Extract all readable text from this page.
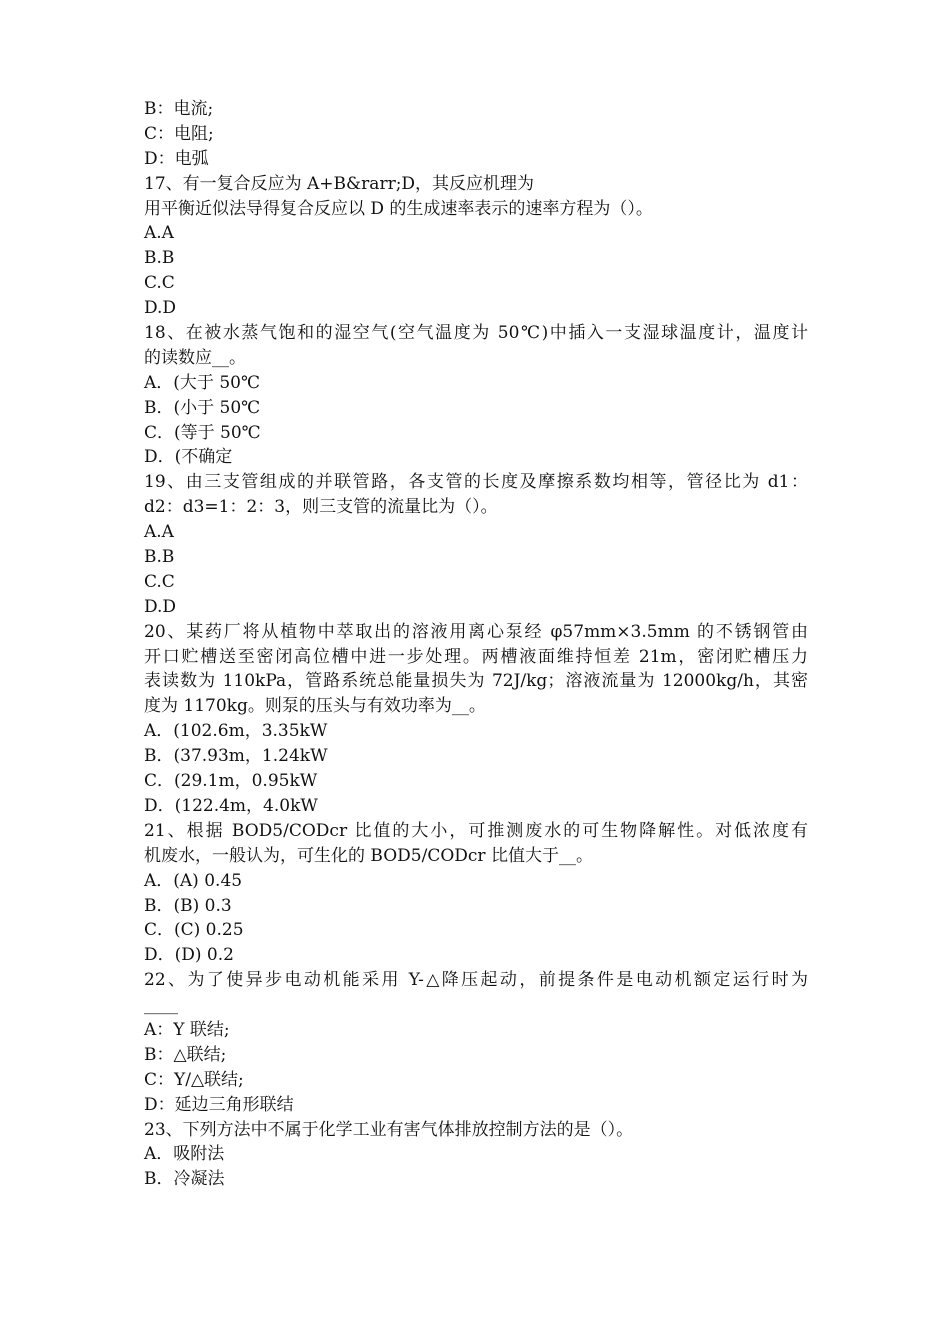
B：电流;
C：电阻;
D：电弧
17、有一复合反应为 A+B&rarr;D，其反应机理为
用平衡近似法导得复合反应以 D 的生成速率表示的速率方程为（）。
A.A
B.B
C.C
D.D
18、在被水蒸气饱和的湿空气(空气温度为 50℃)中插入一支湿球温度计，温度计
的读数应__。
A．(大于 50℃
B．(小于 50℃
C．(等于 50℃
D．(不确定
19、由三支管组成的并联管路，各支管的长度及摩擦系数均相等，管径比为 d1：
d2：d3=1：2：3，则三支管的流量比为（）。
A.A
B.B
C.C
D.D
20、某药厂将从植物中萃取出的溶液用离心泵经 φ57mm×3.5mm 的不锈钢管由
开口贮槽送至密闭高位槽中进一步处理。两槽液面维持恒差 21m，密闭贮槽压力
表读数为 110kPa，管路系统总能量损失为 72J/kg；溶液流量为 12000kg/h，其密
度为 1170kg。则泵的压头与有效功率为__。
A．(102.6m，3.35kW
B．(37.93m，1.24kW
C．(29.1m，0.95kW
D．(122.4m，4.0kW
21、根据 BOD5/CODcr 比值的大小，可推测废水的可生物降解性。对低浓度有
机废水，一般认为，可生化的 BOD5/CODcr 比值大于__。
A．(A) 0.45
B．(B) 0.3
C．(C) 0.25
D．(D) 0.2
22、为了使异步电动机能采用 Y-△降压起动，前提条件是电动机额定运行时为
____
A：Y 联结;
B：△联结;
C：Y/△联结;
D：延边三角形联结
23、下列方法中不属于化学工业有害气体排放控制方法的是（）。
A．吸附法
B．冷凝法
